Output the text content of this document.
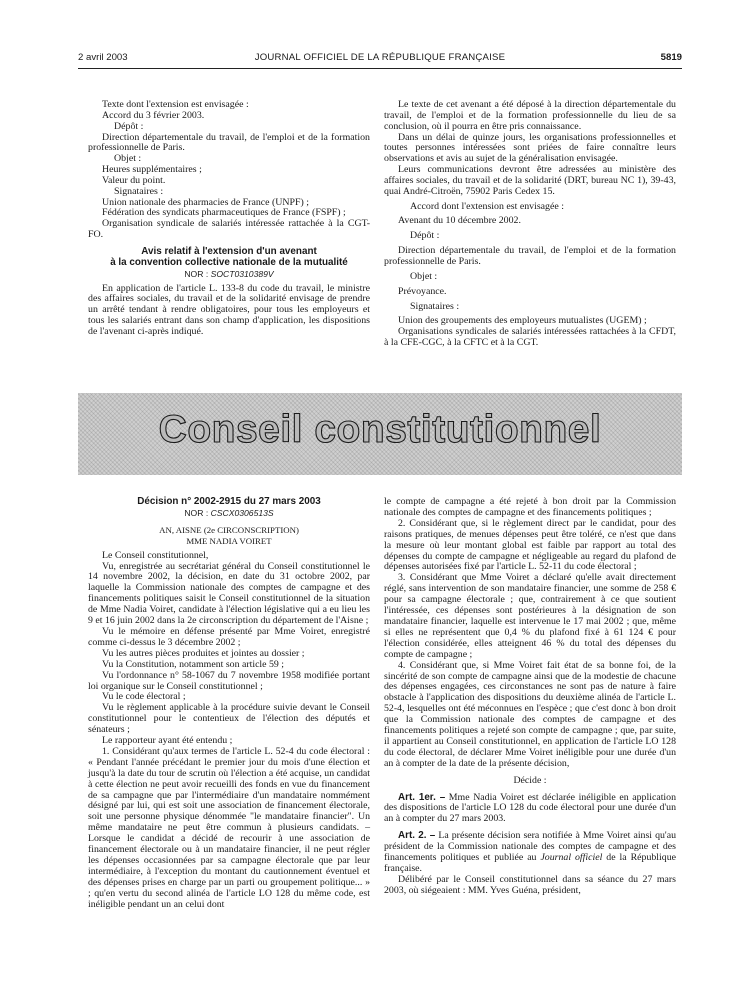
2 avril 2003	JOURNAL OFFICIEL DE LA RÉPUBLIQUE FRANÇAISE	5819

Texte dont l'extension est envisagée :

Accord du 3 février 2003.

Dépôt :

Direction départementale du travail, de l'emploi et de la formation professionnelle de Paris.

Objet :

Heures supplémentaires ;

Valeur du point.

Signataires :

Union nationale des pharmacies de France (UNPF) ;

Fédération des syndicats pharmaceutiques de France (FSPF) ;

Organisation syndicale de salariés intéressée rattachée à la CGT-FO.

Avis relatif à l'extension d'un avenant

à la convention collective nationale de la mutualité

NOR : SOCT0310389V

En application de l'article L. 133-8 du code du travail, le ministre des affaires sociales, du travail et de la solidarité envisage de prendre un arrêté tendant à rendre obligatoires, pour tous les employeurs et tous les salariés entrant dans son champ d'application, les dispositions de l'avenant ci-après indiqué.

Le texte de cet avenant a été déposé à la direction départementale du travail, de l'emploi et de la formation professionnelle du lieu de sa conclusion, où il pourra en être pris connaissance.

Dans un délai de quinze jours, les organisations professionnelles et toutes personnes intéressées sont priées de faire connaître leurs observations et avis au sujet de la généralisation envisagée.

Leurs communications devront être adressées au ministère des affaires sociales, du travail et de la solidarité (DRT, bureau NC 1), 39-43, quai André-Citroën, 75902 Paris Cedex 15.

Accord dont l'extension est envisagée :

Avenant du 10 décembre 2002.

Dépôt :

Direction départementale du travail, de l'emploi et de la formation professionnelle de Paris.

Objet :

Prévoyance.

Signataires :

Union des groupements des employeurs mutualistes (UGEM) ;

Organisations syndicales de salariés intéressées rattachées à la CFDT, à la CFE-CGC, à la CFTC et à la CGT.

Conseil constitutionnel

Décision n° 2002-2915 du 27 mars 2003

NOR : CSCX0306513S

AN, AISNE (2e CIRCONSCRIPTION)

MME NADIA VOIRET

Le Conseil constitutionnel,

Vu, enregistrée au secrétariat général du Conseil constitutionnel le 14 novembre 2002, la décision, en date du 31 octobre 2002, par laquelle la Commission nationale des comptes de campagne et des financements politiques saisit le Conseil constitutionnel de la situation de Mme Nadia Voiret, candidate à l'élection législative qui a eu lieu les 9 et 16 juin 2002 dans la 2e circonscription du département de l'Aisne ;

Vu le mémoire en défense présenté par Mme Voiret, enregistré comme ci-dessus le 3 décembre 2002 ;

Vu les autres pièces produites et jointes au dossier ;

Vu la Constitution, notamment son article 59 ;

Vu l'ordonnance n° 58-1067 du 7 novembre 1958 modifiée portant loi organique sur le Conseil constitutionnel ;

Vu le code électoral ;

Vu le règlement applicable à la procédure suivie devant le Conseil constitutionnel pour le contentieux de l'élection des députés et sénateurs ;

Le rapporteur ayant été entendu ;

1. Considérant qu'aux termes de l'article L. 52-4 du code électoral : « Pendant l'année précédant le premier jour du mois d'une élection et jusqu'à la date du tour de scrutin où l'élection a été acquise, un candidat à cette élection ne peut avoir recueilli des fonds en vue du financement de sa campagne que par l'intermédiaire d'un mandataire nommément désigné par lui, qui est soit une association de financement électorale, soit une personne physique dénommée "le mandataire financier". Un même mandataire ne peut être commun à plusieurs candidats. – Lorsque le candidat a décidé de recourir à une association de financement électorale ou à un mandataire financier, il ne peut régler les dépenses occasionnées par sa campagne électorale que par leur intermédiaire, à l'exception du montant du cautionnement éventuel et des dépenses prises en charge par un parti ou groupement politique... » ; qu'en vertu du second alinéa de l'article LO 128 du même code, est inéligible pendant un an celui dont

le compte de campagne a été rejeté à bon droit par la Commission nationale des comptes de campagne et des financements politiques ;

2. Considérant que, si le règlement direct par le candidat, pour des raisons pratiques, de menues dépenses peut être toléré, ce n'est que dans la mesure où leur montant global est faible par rapport au total des dépenses du compte de campagne et négligeable au regard du plafond de dépenses autorisées fixé par l'article L. 52-11 du code électoral ;

3. Considérant que Mme Voiret a déclaré qu'elle avait directement réglé, sans intervention de son mandataire financier, une somme de 258 € pour sa campagne électorale ; que, contrairement à ce que soutient l'intéressée, ces dépenses sont postérieures à la désignation de son mandataire financier, laquelle est intervenue le 17 mai 2002 ; que, même si elles ne représentent que 0,4 % du plafond fixé à 61 124 € pour l'élection considérée, elles atteignent 46 % du total des dépenses du compte de campagne ;

4. Considérant que, si Mme Voiret fait état de sa bonne foi, de la sincérité de son compte de campagne ainsi que de la modestie de chacune des dépenses engagées, ces circonstances ne sont pas de nature à faire obstacle à l'application des dispositions du deuxième alinéa de l'article L. 52-4, lesquelles ont été méconnues en l'espèce ; que c'est donc à bon droit que la Commission nationale des comptes de campagne et des financements politiques a rejeté son compte de campagne ; que, par suite, il appartient au Conseil constitutionnel, en application de l'article LO 128 du code électoral, de déclarer Mme Voiret inéligible pour une durée d'un an à compter de la date de la présente décision,

Décide :

Art. 1er. – Mme Nadia Voiret est déclarée inéligible en application des dispositions de l'article LO 128 du code électoral pour une durée d'un an à compter du 27 mars 2003.

Art. 2. – La présente décision sera notifiée à Mme Voiret ainsi qu'au président de la Commission nationale des comptes de campagne et des financements politiques et publiée au Journal officiel de la République française.

Délibéré par le Conseil constitutionnel dans sa séance du 27 mars 2003, où siégeaient : MM. Yves Guéna, président,
